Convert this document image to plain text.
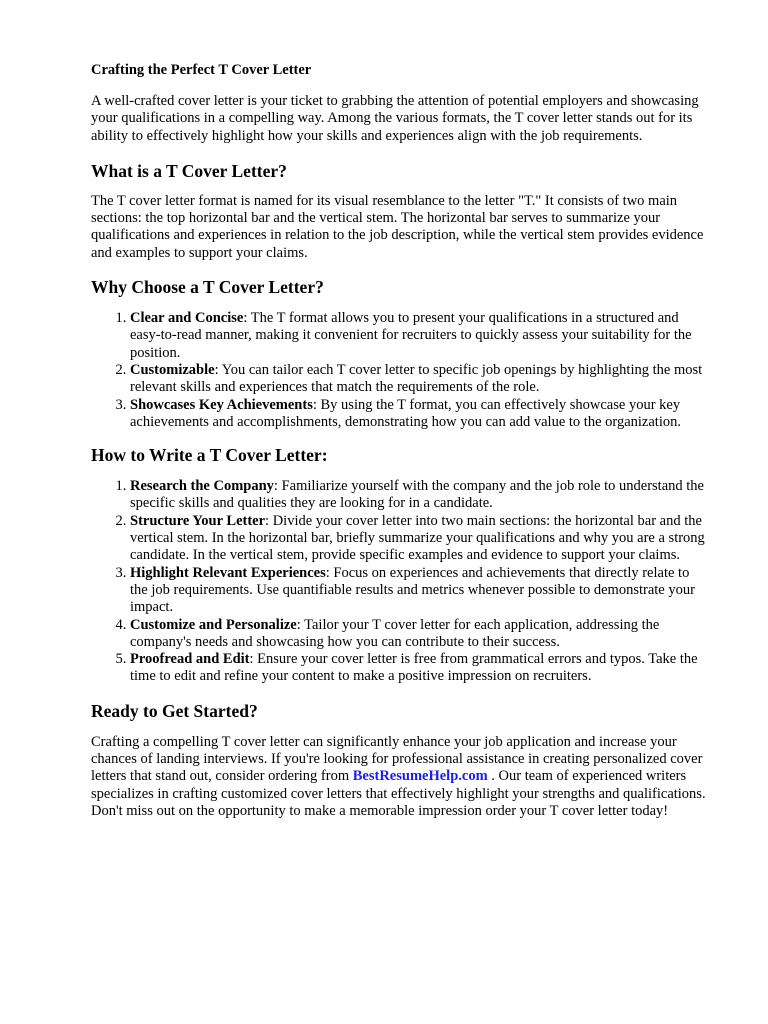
Crafting the Perfect T Cover Letter

A well-crafted cover letter is your ticket to grabbing the attention of potential employers and showcasing your qualifications in a compelling way. Among the various formats, the T cover letter stands out for its ability to effectively highlight how your skills and experiences align with the job requirements.

What is a T Cover Letter?

The T cover letter format is named for its visual resemblance to the letter "T." It consists of two main sections: the top horizontal bar and the vertical stem. The horizontal bar serves to summarize your qualifications and experiences in relation to the job description, while the vertical stem provides evidence and examples to support your claims.

Why Choose a T Cover Letter?
1. Clear and Concise: The T format allows you to present your qualifications in a structured and easy-to-read manner, making it convenient for recruiters to quickly assess your suitability for the position.
2. Customizable: You can tailor each T cover letter to specific job openings by highlighting the most relevant skills and experiences that match the requirements of the role.
3. Showcases Key Achievements: By using the T format, you can effectively showcase your key achievements and accomplishments, demonstrating how you can add value to the organization.
How to Write a T Cover Letter:
1. Research the Company: Familiarize yourself with the company and the job role to understand the specific skills and qualities they are looking for in a candidate.
2. Structure Your Letter: Divide your cover letter into two main sections: the horizontal bar and the vertical stem. In the horizontal bar, briefly summarize your qualifications and why you are a strong candidate. In the vertical stem, provide specific examples and evidence to support your claims.
3. Highlight Relevant Experiences: Focus on experiences and achievements that directly relate to the job requirements. Use quantifiable results and metrics whenever possible to demonstrate your impact.
4. Customize and Personalize: Tailor your T cover letter for each application, addressing the company's needs and showcasing how you can contribute to their success.
5. Proofread and Edit: Ensure your cover letter is free from grammatical errors and typos. Take the time to edit and refine your content to make a positive impression on recruiters.
Ready to Get Started?

Crafting a compelling T cover letter can significantly enhance your job application and increase your chances of landing interviews. If you're looking for professional assistance in creating personalized cover letters that stand out, consider ordering from BestResumeHelp.com . Our team of experienced writers specializes in crafting customized cover letters that effectively highlight your strengths and qualifications. Don't miss out on the opportunity to make a memorable impression order your T cover letter today!
